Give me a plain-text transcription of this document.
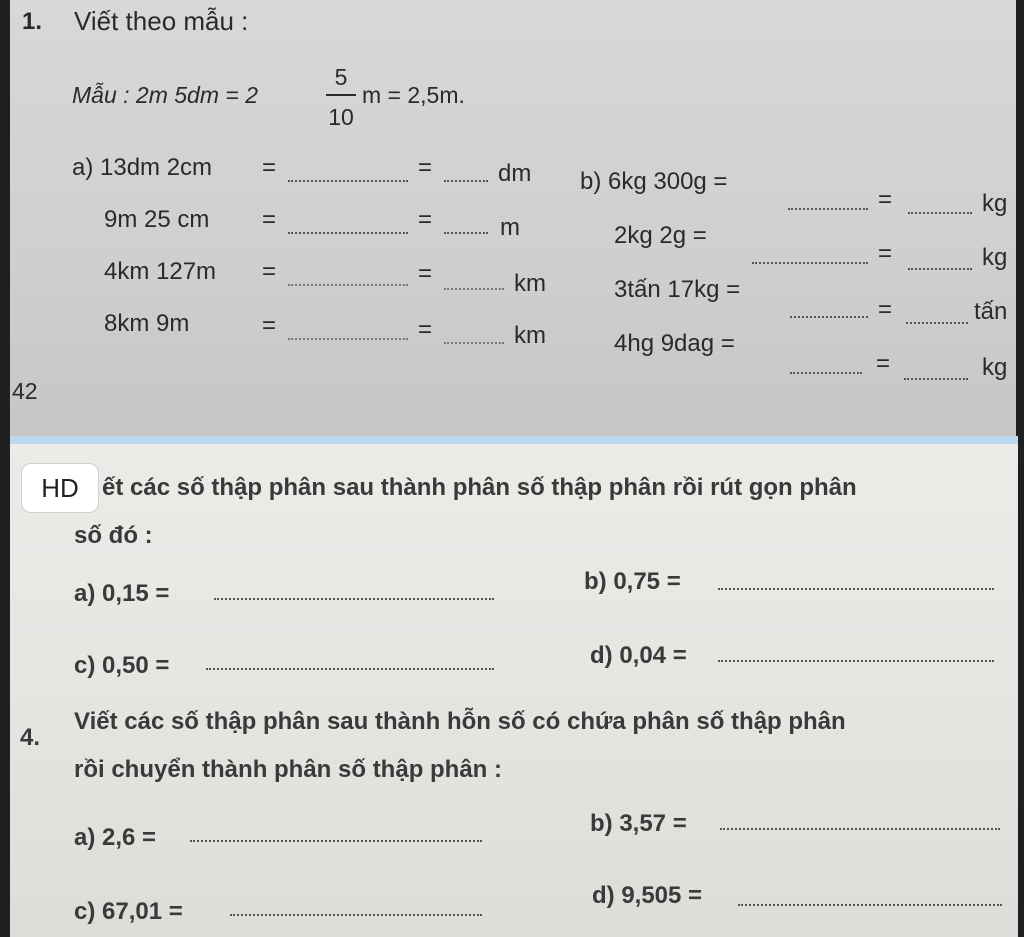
1. Viết theo mẫu :
Mẫu : 2m 5dm = 2
5
10
m = 2,5m.
a) 13dm 2cm =	=	dm
9m 25 cm =	=	m
4km 127m =	=	km
8km 9m	=	=	km
b) 6kg 300g =
=	kg
2kg 2g =
=	kg
3tấn 17kg =
=	tấn
4hg 9dag =
=	kg
42
HD ết các số thập phân sau thành phân số thập phân rồi rút gọn phân
số đó :
a) 0,15 =	b) 0,75 =
c) 0,50 =	d) 0,04 =
4.
Viết các số thập phân sau thành hỗn số có chứa phân số thập phân
rồi chuyển thành phân số thập phân :
a) 2,6 =
b) 3,57 =
c) 67,01 =
d) 9,505 =
